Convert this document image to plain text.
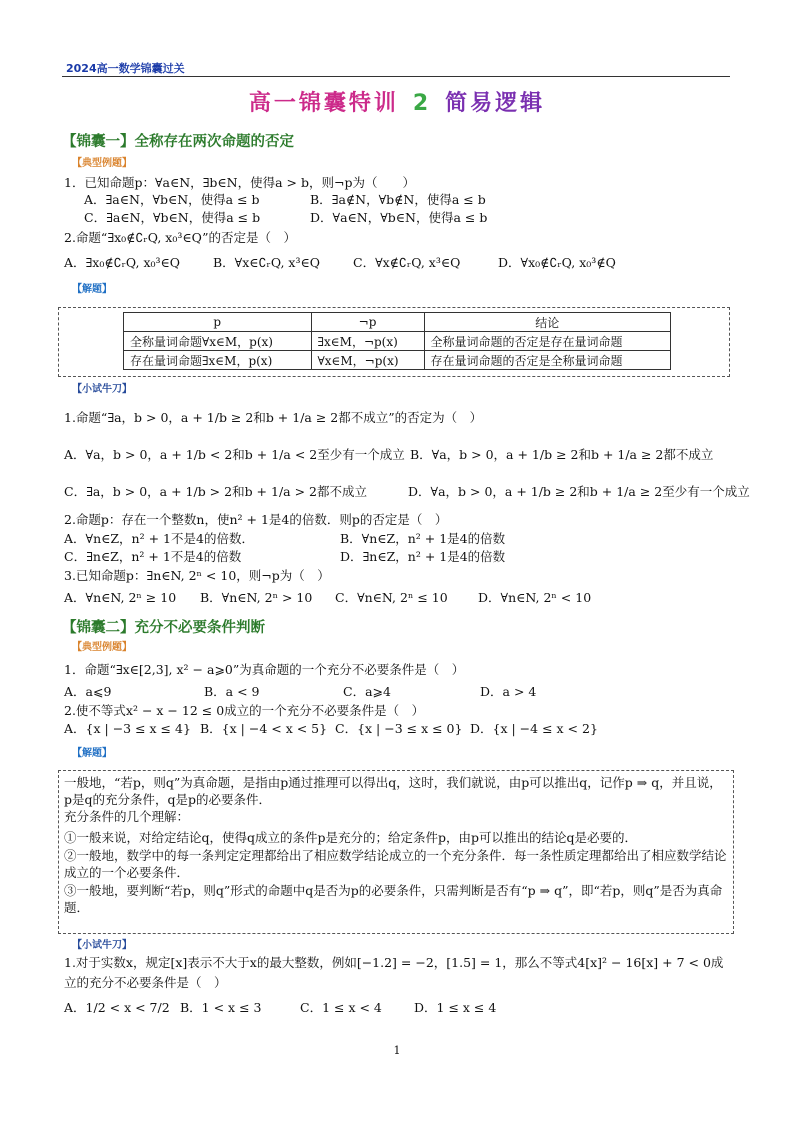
2024高一数学锦囊过关
高一锦囊特训 2 简易逻辑
【锦囊一】全称存在两次命题的否定
【典型例题】
1．已知命题p：∀a∈N，∃b∈N，使得a > b，则¬p为（　　）
A．∃a∈N，∀b∈N，使得a ≤ b	B．∃a∉N，∀b∉N，使得a ≤ b
C．∃a∈N，∀b∈N，使得a ≤ b	D．∀a∈N，∀b∈N，使得a ≤ b
2.命题“∃x₀∉∁ᵣQ, x₀³∈Q”的否定是（　）
A．∃x₀∉∁ᵣQ, x₀³∈Q	B．∀x∈∁ᵣQ, x³∈Q	C．∀x∉∁ᵣQ, x³∈Q	D．∀x₀∉∁ᵣQ, x₀³∉Q
【解题】
p	¬p	结论
全称量词命题∀x∈M，p(x)	∃x∈M，¬p(x)	全称量词命题的否定是存在量词命题
存在量词命题∃x∈M，p(x)	∀x∈M，¬p(x)	存在量词命题的否定是全称量词命题
【小试牛刀】
1.命题“∃a，b > 0，a + 1/b ≥ 2和b + 1/a ≥ 2都不成立”的否定为（　）
A．∀a，b > 0，a + 1/b < 2和b + 1/a < 2至少有一个成立 B．∀a，b > 0，a + 1/b ≥ 2和b + 1/a ≥ 2都不成立
C．∃a，b > 0，a + 1/b > 2和b + 1/a > 2都不成立	D．∀a，b > 0，a + 1/b ≥ 2和b + 1/a ≥ 2至少有一个成立
2.命题p：存在一个整数n，使n² + 1是4的倍数．则p的否定是（　）
A．∀n∈Z，n² + 1不是4的倍数．	B．∀n∈Z，n² + 1是4的倍数
C．∃n∈Z，n² + 1不是4的倍数	D．∃n∈Z，n² + 1是4的倍数
3.已知命题p：∃n∈N, 2ⁿ < 10，则¬p为（　）
A．∀n∈N, 2ⁿ ≥ 10 B．∀n∈N, 2ⁿ > 10 C．∀n∈N, 2ⁿ ≤ 10 D．∀n∈N, 2ⁿ < 10
【锦囊二】充分不必要条件判断
【典型例题】
1．命题“∃x∈[2,3], x² − a⩾0”为真命题的一个充分不必要条件是（　）
A．a⩽9	B．a < 9	C．a⩾4	D．a > 4
2.使不等式x² − x − 12 ≤ 0成立的一个充分不必要条件是（　）
A．{x | −3 ≤ x ≤ 4} B．{x | −4 < x < 5} C．{x | −3 ≤ x ≤ 0} D．{x | −4 ≤ x < 2}
【解题】
一般地，“若p，则q”为真命题，是指由p通过推理可以得出q，这时，我们就说，由p可以推出q，记作p ⇒ q，并且说，p是q的充分条件，q是p的必要条件．
充分条件的几个理解：
①一般来说，对给定结论q，使得q成立的条件p是充分的；给定条件p，由p可以推出的结论q是必要的．
②一般地，数学中的每一条判定定理都给出了相应数学结论成立的一个充分条件．每一条性质定理都给出了相应数学结论成立的一个必要条件．
③一般地，要判断“若p，则q”形式的命题中q是否为p的必要条件，只需判断是否有“p ⇒ q”，即“若p，则q”是否为真命题．
【小试牛刀】
1.对于实数x，规定[x]表示不大于x的最大整数，例如[−1.2] = −2，[1.5] = 1，那么不等式4[x]² − 16[x] + 7 < 0成
立的充分不必要条件是（　）
A．1/2 < x < 7/2 B．1 < x ≤ 3	C．1 ≤ x < 4	D．1 ≤ x ≤ 4
1
